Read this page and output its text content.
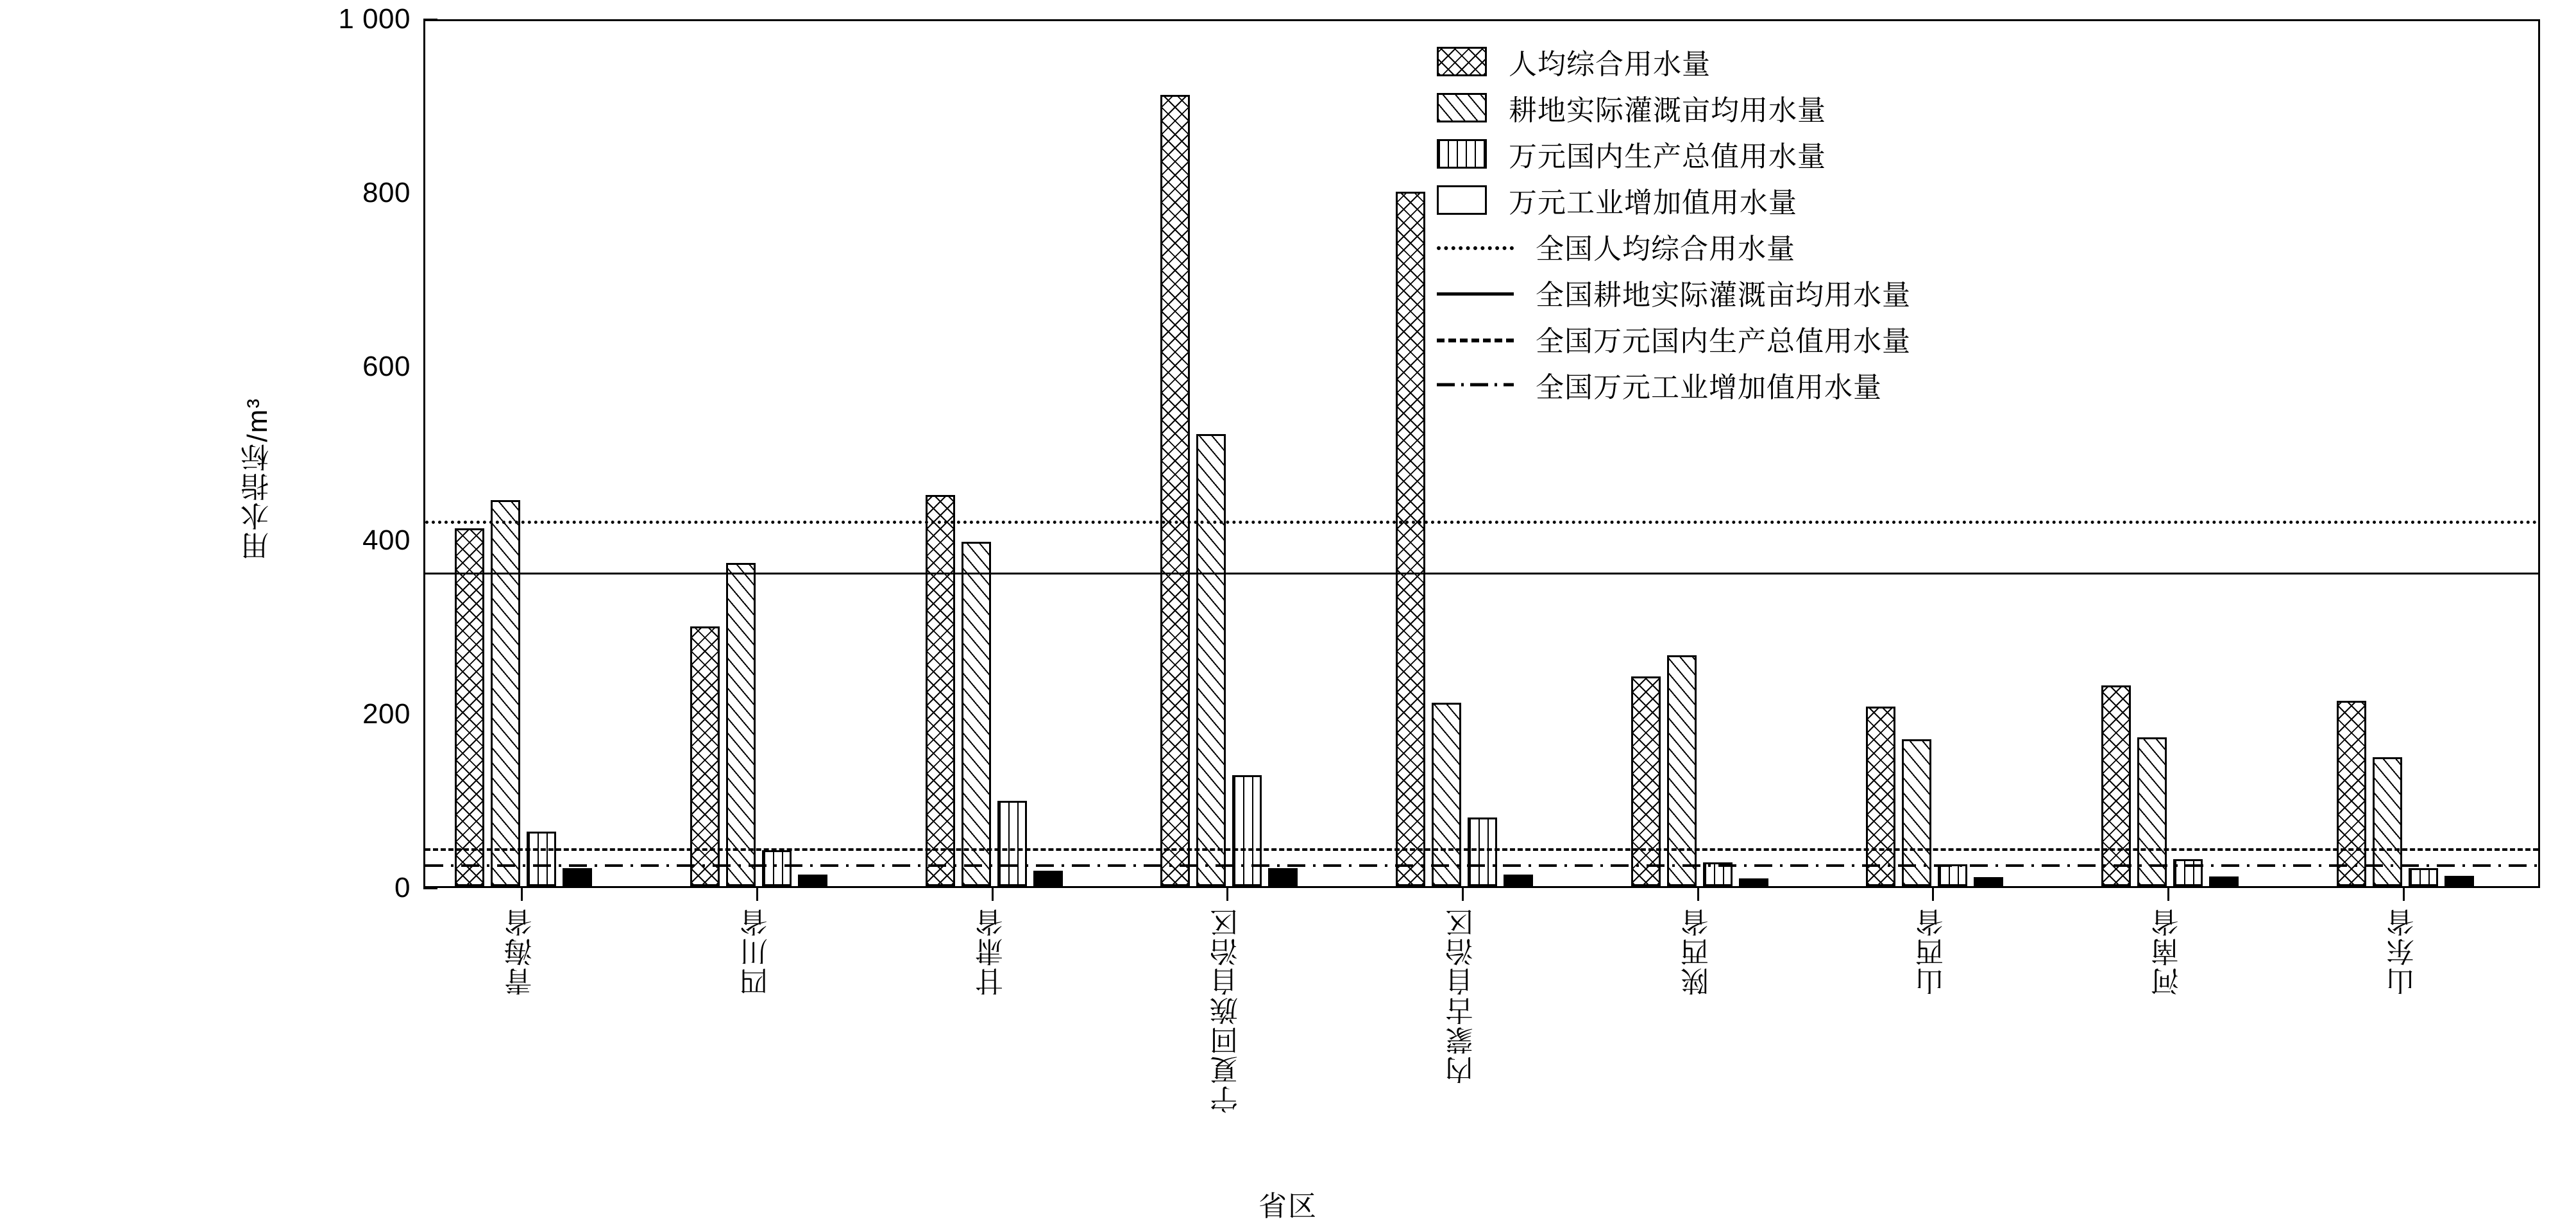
用水指标/m³
0
200
400
600
800
1 000
青海省	四川省	甘肃省	宁夏回族自治区	内蒙古自治区	陕西省	山西省	河南省	山东省
省区
人均综合用水量
耕地实际灌溉亩均用水量
万元国内生产总值用水量
万元工业增加值用水量
全国人均综合用水量
全国耕地实际灌溉亩均用水量
全国万元国内生产总值用水量
全国万元工业增加值用水量
